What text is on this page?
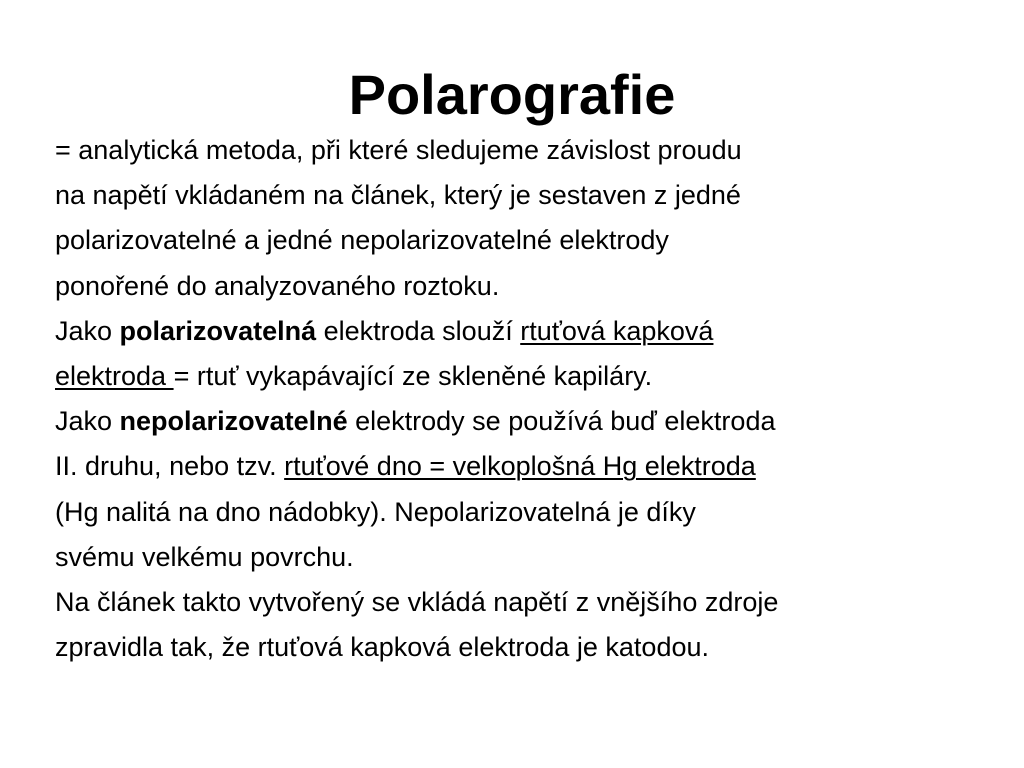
Polarografie
= analytická metoda, při které sledujeme závislost proudu
na napětí vkládaném na článek, který je sestaven z jedné
polarizovatelné a jedné nepolarizovatelné elektrody
ponořené do analyzovaného roztoku.
Jako polarizovatelná elektroda slouží rtuťová kapková
elektroda = rtuť vykapávající ze skleněné kapiláry.
Jako nepolarizovatelné elektrody se používá buď elektroda
II. druhu, nebo tzv. rtuťové dno = velkoplošná Hg elektroda
(Hg nalitá na dno nádobky). Nepolarizovatelná je díky
svému velkému povrchu.
Na článek takto vytvořený se vkládá napětí z vnějšího zdroje
zpravidla tak, že rtuťová kapková elektroda je katodou.
